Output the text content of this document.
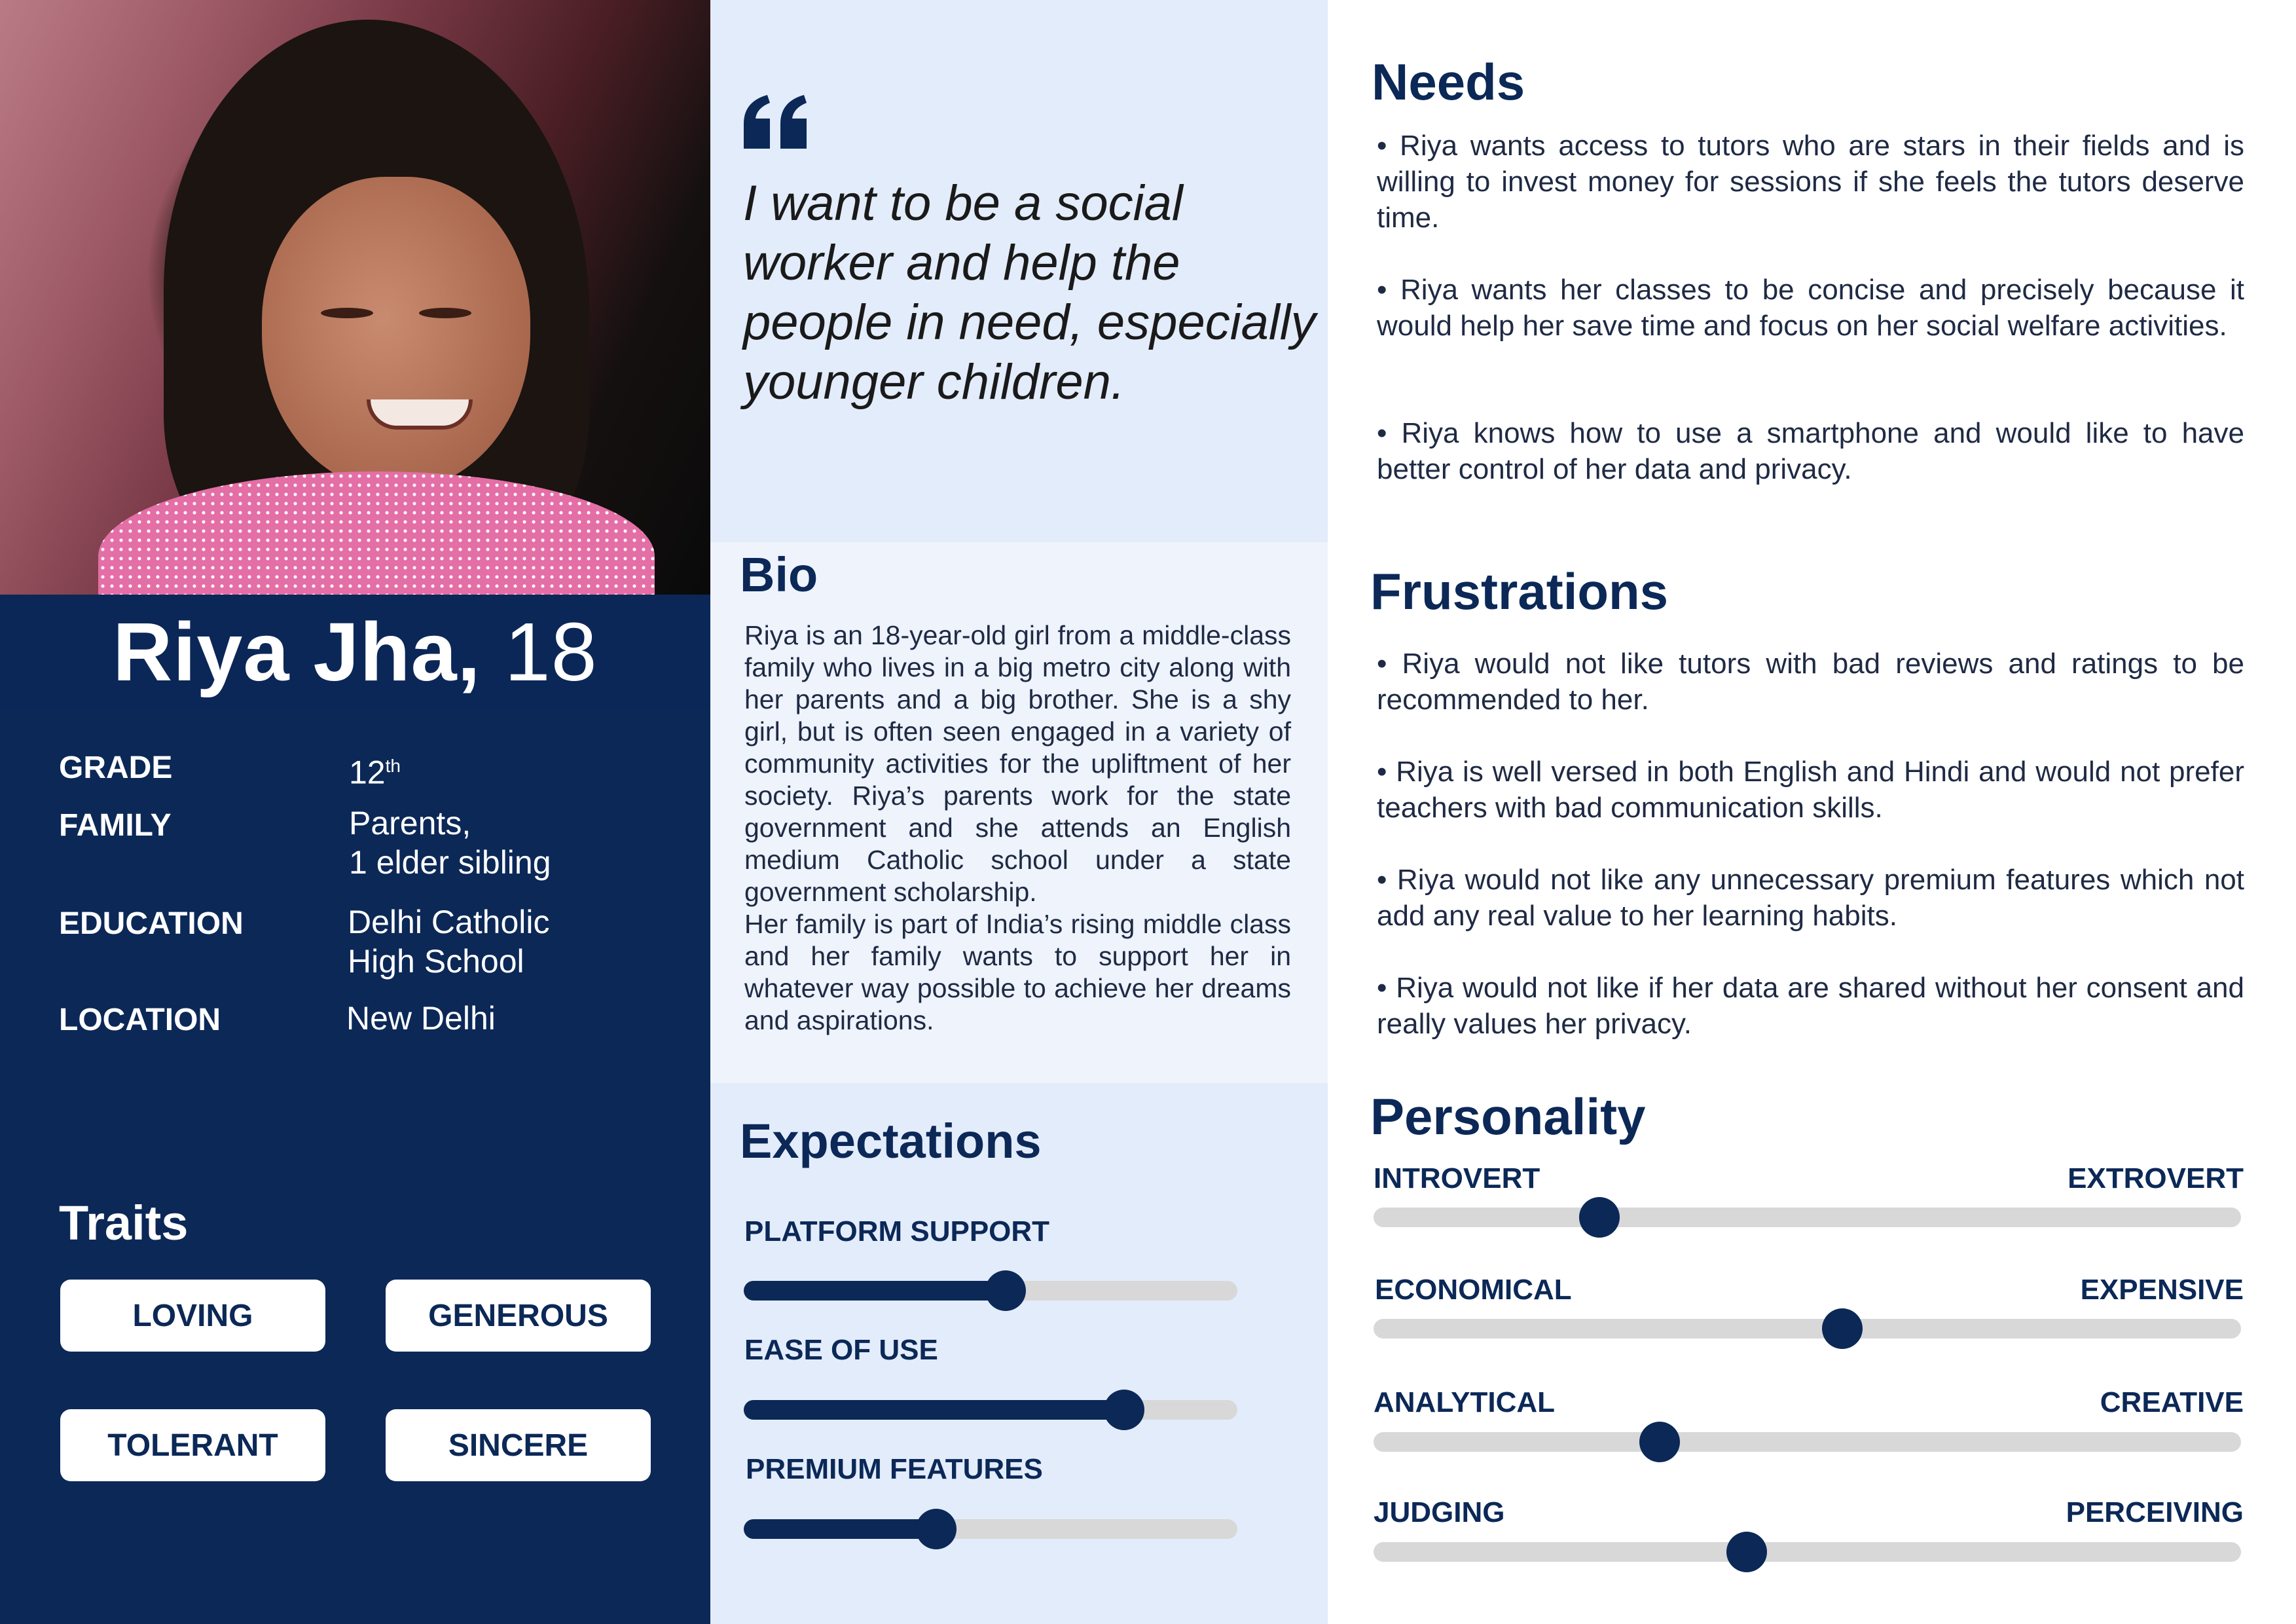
Riya Jha, 18
GRADE	12th
FAMILY	Parents,
1 elder sibling
EDUCATION	Delhi Catholic
High School
LOCATION	New Delhi
Traits
LOVING	GENEROUS
TOLERANT	SINCERE
I want to be a social worker and help the people in need, especially younger children.
Bio
Riya is an 18-year-old girl from a middle-class family who lives in a big metro city along with her parents and a big brother. She is a shy girl, but is often seen engaged in a variety of community activities for the upliftment of her society. Riya’s parents work for the state government and she attends an English medium Catholic school under a state government scholarship.
Her family is part of India’s rising middle class and her family wants to support her in whatever way possible to achieve her dreams and aspirations.
Expectations
PLATFORM SUPPORT
EASE OF USE
PREMIUM FEATURES
Needs
• Riya wants access to tutors who are stars in their fields and is willing to invest money for sessions if she feels the tutors deserve time.
• Riya wants her classes to be concise and precisely because it would help her save time and focus on her social welfare activities.
• Riya knows how to use a smartphone and would like to have better control of her data and privacy.
Frustrations
• Riya would not like tutors with bad reviews and ratings to be recommended to her.
• Riya is well versed in both English and Hindi and would not prefer teachers with bad communication skills.
• Riya would not like any unnecessary premium features which not add any real value to her learning habits.
• Riya would not like if her data are shared without her consent and really values her privacy.
Personality
INTROVERT	EXTROVERT
ECONOMICAL	EXPENSIVE
ANALYTICAL	CREATIVE
JUDGING	PERCEIVING
